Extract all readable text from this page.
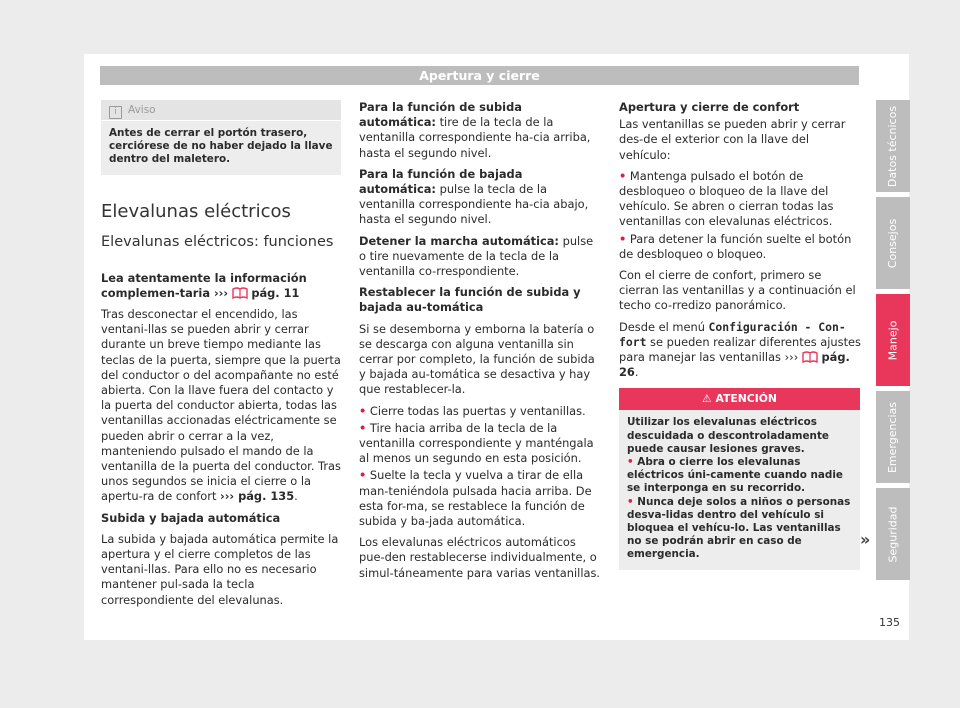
Apertura y cierre
i Aviso
Antes de cerrar el portón trasero, cerciórese de no haber dejado la llave dentro del maletero.
Elevalunas eléctricos
Elevalunas eléctricos: funciones

Lea atentamente la información complemen-taria ››› pág. 11

Tras desconectar el encendido, las ventani-llas se pueden abrir y cerrar durante un breve tiempo mediante las teclas de la puerta, siempre que la puerta del conductor o del acompañante no esté abierta. Con la llave fuera del contacto y la puerta del conductor abierta, todas las ventanillas accionadas eléctricamente se pueden abrir o cerrar a la vez, manteniendo pulsado el mando de la ventanilla de la puerta del conductor. Tras unos segundos se inicia el cierre o la apertu-ra de confort ››› pág. 135.

Subida y bajada automática

La subida y bajada automática permite la apertura y el cierre completos de las ventani-llas. Para ello no es necesario mantener pul-sada la tecla correspondiente del elevalunas.

Para la función de subida automática: tire de la tecla de la ventanilla correspondiente ha-cia arriba, hasta el segundo nivel.

Para la función de bajada automática: pulse la tecla de la ventanilla correspondiente ha-cia abajo, hasta el segundo nivel.

Detener la marcha automática: pulse o tire nuevamente de la tecla de la ventanilla co-rrespondiente.

Restablecer la función de subida y bajada au-tomática

Si se desemborna y emborna la batería o se descarga con alguna ventanilla sin cerrar por completo, la función de subida y bajada au-tomática se desactiva y hay que restablecer-la.

• Cierre todas las puertas y ventanillas.

• Tire hacia arriba de la tecla de la ventanilla correspondiente y manténgala al menos un segundo en esta posición.

• Suelte la tecla y vuelva a tirar de ella man-teniéndola pulsada hacia arriba. De esta for-ma, se restablece la función de subida y ba-jada automática.

Los elevalunas eléctricos automáticos pue-den restablecerse individualmente, o simul-táneamente para varias ventanillas.

Apertura y cierre de confort

Las ventanillas se pueden abrir y cerrar des-de el exterior con la llave del vehículo:

• Mantenga pulsado el botón de desbloqueo o bloqueo de la llave del vehículo. Se abren o cierran todas las ventanillas con elevalunas eléctricos.

• Para detener la función suelte el botón de desbloqueo o bloqueo.

Con el cierre de confort, primero se cierran las ventanillas y a continuación el techo co-rredizo panorámico.

Desde el menú Configuración - Con-fort se pueden realizar diferentes ajustes para manejar las ventanillas ››› pág. 26.

⚠ ATENCIÓN
Utilizar los elevalunas eléctricos descuidada o descontroladamente puede causar lesiones graves.
• Abra o cierre los elevalunas eléctricos úni-camente cuando nadie se interponga en su recorrido.
• Nunca deje solos a niños o personas desva-lidas dentro del vehículo si bloquea el vehícu-lo. Las ventanillas no se podrán abrir en caso de emergencia.
»
Datos técnicos
Consejos
Manejo
Emergencias
Seguridad
135
